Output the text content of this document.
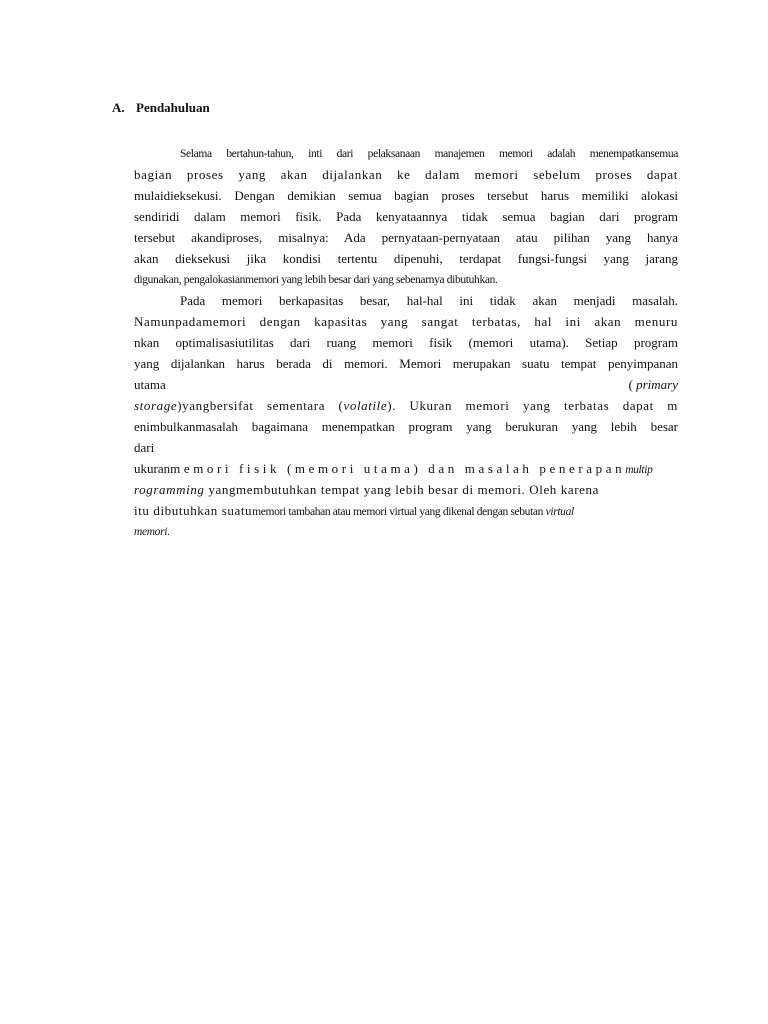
A. Pendahuluan
Selama bertahun-tahun, inti dari pelaksanaan manajemen memori adalah menempatkansemua
bagian proses yang akan dijalankan ke dalam memori sebelum proses dapat
mulaidieksekusi. Dengan demikian semua bagian proses tersebut harus memiliki alokasi
sendiridi dalam memori fisik. Pada kenyataannya tidak semua bagian dari program
tersebut akandiproses, misalnya: Ada pernyataan-pernyataan atau pilihan yang hanya
akan dieksekusi jika kondisi tertentu dipenuhi, terdapat fungsi-fungsi yang jarang
digunakan, pengalokasianmemori yang lebih besar dari yang sebenarnya dibutuhkan.
Pada memori berkapasitas besar, hal-hal ini tidak akan menjadi masalah.
Namunpadamemori dengan kapasitas yang sangat terbatas, hal ini akan menuru
nkan optimalisasiutilitas dari ruang memori fisik (memori utama). Setiap program
yang dijalankan harus berada di memori. Memori merupakan suatu tempat penyimpanan
utama	( primary
storage)yangbersifat sementara (volatile). Ukuran memori yang terbatas dapat m
enimbulkanmasalah bagaimana menempatkan program yang berukuran yang lebih besar
dari
ukuranmemori fisik (memori utama) dan masalah penerapanmultip
rogramming yangmembutuhkan tempat yang lebih besar di memori. Oleh karena
itu dibutuhkan suatumemori tambahan atau memori virtual yang dikenal dengan sebutan virtual
memori.
